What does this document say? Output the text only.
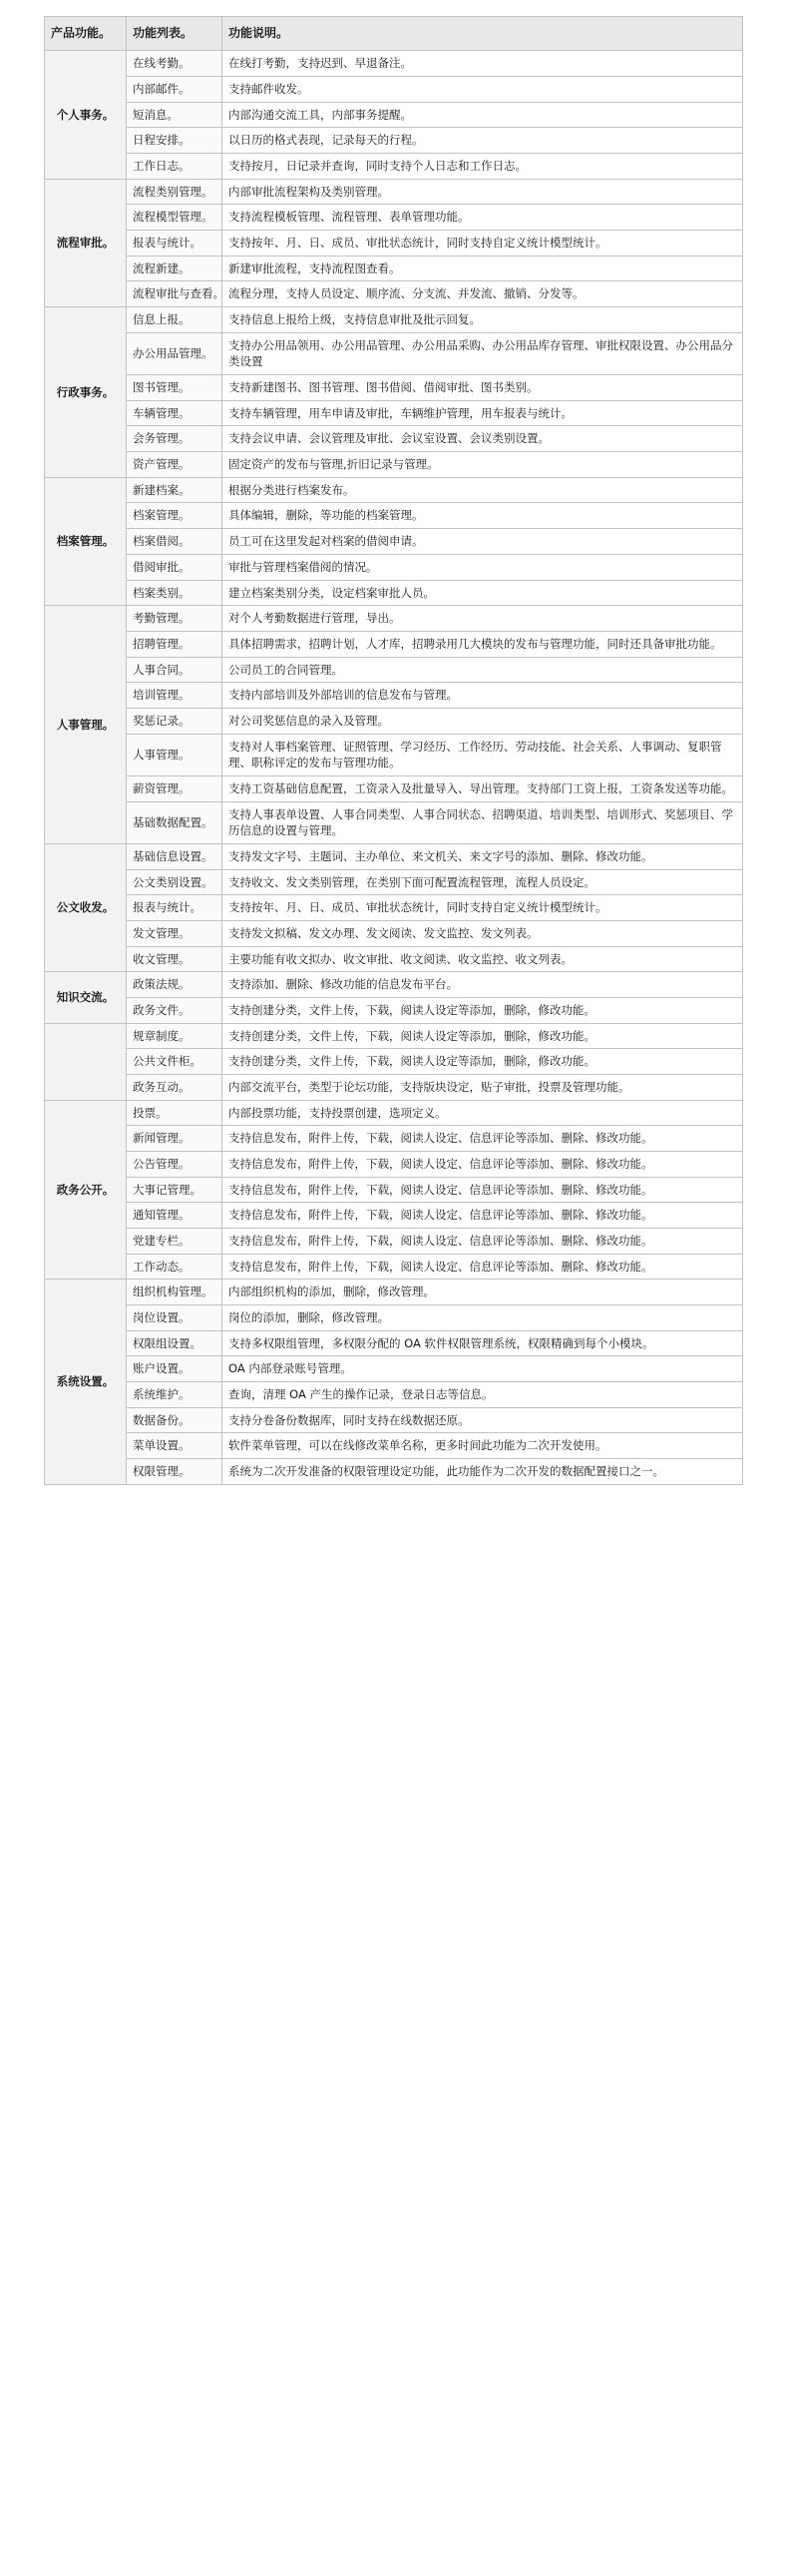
产品功能。	功能列表。	功能说明。
个人事务。	在线考勤。	在线打考勤，支持迟到、早退备注。
	内部邮件。	支持邮件收发。
	短消息。	内部沟通交流工具，内部事务提醒。
	日程安排。	以日历的格式表现，记录每天的行程。
	工作日志。	支持按月，日记录并查询，同时支持个人日志和工作日志。
流程审批。	流程类别管理。	内部审批流程架构及类别管理。
	流程模型管理。	支持流程模板管理、流程管理、表单管理功能。
	报表与统计。	支持按年、月、日、成员、审批状态统计，同时支持自定义统计模型统计。
	流程新建。	新建审批流程，支持流程图查看。
	流程审批与查看。	流程分理，支持人员设定、顺序流、分支流、并发流、撤销、分发等。
行政事务。	信息上报。	支持信息上报给上级，支持信息审批及批示回复。
	办公用品管理。	支持办公用品领用、办公用品管理、办公用品采购、办公用品库存管理、审批权限设置、办公用品分类设置
	图书管理。	支持新建图书、图书管理、图书借阅、借阅审批、图书类别。
	车辆管理。	支持车辆管理，用车申请及审批，车辆维护管理，用车报表与统计。
	会务管理。	支持会议申请、会议管理及审批、会议室设置、会议类别设置。
	资产管理。	固定资产的发布与管理,折旧记录与管理。
档案管理。	新建档案。	根据分类进行档案发布。
	档案管理。	具体编辑，删除，等功能的档案管理。
	档案借阅。	员工可在这里发起对档案的借阅申请。
	借阅审批。	审批与管理档案借阅的情况。
	档案类别。	建立档案类别分类，设定档案审批人员。
人事管理。	考勤管理。	对个人考勤数据进行管理，导出。
	招聘管理。	具体招聘需求，招聘计划，人才库，招聘录用几大模块的发布与管理功能，同时还具备审批功能。
	人事合同。	公司员工的合同管理。
	培训管理。	支持内部培训及外部培训的信息发布与管理。
	奖惩记录。	对公司奖惩信息的录入及管理。
	人事管理。	支持对人事档案管理、证照管理、学习经历、工作经历、劳动技能、社会关系、人事调动、复职管理、职称评定的发布与管理功能。
	薪资管理。	支持工资基础信息配置，工资录入及批量导入、导出管理。支持部门工资上报，工资条发送等功能。
	基础数据配置。	支持人事表单设置、人事合同类型、人事合同状态、招聘渠道、培训类型、培训形式、奖惩项目、学历信息的设置与管理。
公文收发。	基础信息设置。	支持发文字号、主题词、主办单位、来文机关、来文字号的添加、删除、修改功能。
	公文类别设置。	支持收文、发文类别管理，在类别下面可配置流程管理，流程人员设定。
	报表与统计。	支持按年、月、日、成员、审批状态统计，同时支持自定义统计模型统计。
	发文管理。	支持发文拟稿、发文办理、发文阅读、发文监控、发文列表。
	收文管理。	主要功能有收文拟办、收文审批、收文阅读、收文监控、收文列表。
知识交流。	政策法规。	支持添加、删除、修改功能的信息发布平台。
	政务文件。	支持创建分类，文件上传，下载，阅读人设定等添加，删除，修改功能。
	规章制度。	支持创建分类，文件上传，下载，阅读人设定等添加，删除，修改功能。
	公共文件柜。	支持创建分类，文件上传，下载，阅读人设定等添加，删除，修改功能。
	政务互动。	内部交流平台，类型于论坛功能，支持版块设定，贴子审批，投票及管理功能。
政务公开。	投票。	内部投票功能，支持投票创建，选项定义。
	新闻管理。	支持信息发布，附件上传，下载，阅读人设定、信息评论等添加、删除、修改功能。
	公告管理。	支持信息发布，附件上传，下载，阅读人设定、信息评论等添加、删除、修改功能。
	大事记管理。	支持信息发布，附件上传，下载，阅读人设定、信息评论等添加、删除、修改功能。
	通知管理。	支持信息发布，附件上传，下载，阅读人设定、信息评论等添加、删除、修改功能。
	党建专栏。	支持信息发布，附件上传，下载，阅读人设定、信息评论等添加、删除、修改功能。
	工作动态。	支持信息发布，附件上传，下载，阅读人设定、信息评论等添加、删除、修改功能。
系统设置。	组织机构管理。	内部组织机构的添加，删除，修改管理。
	岗位设置。	岗位的添加，删除，修改管理。
	权限组设置。	支持多权限组管理，多权限分配的 OA 软件权限管理系统，权限精确到每个小模块。
	账户设置。	OA 内部登录账号管理。
	系统维护。	查询，清理 OA 产生的操作记录，登录日志等信息。
	数据备份。	支持分卷备份数据库，同时支持在线数据还原。
	菜单设置。	软件菜单管理，可以在线修改菜单名称，更多时间此功能为二次开发使用。
	权限管理。	系统为二次开发准备的权限管理设定功能，此功能作为二次开发的数据配置接口之一。
